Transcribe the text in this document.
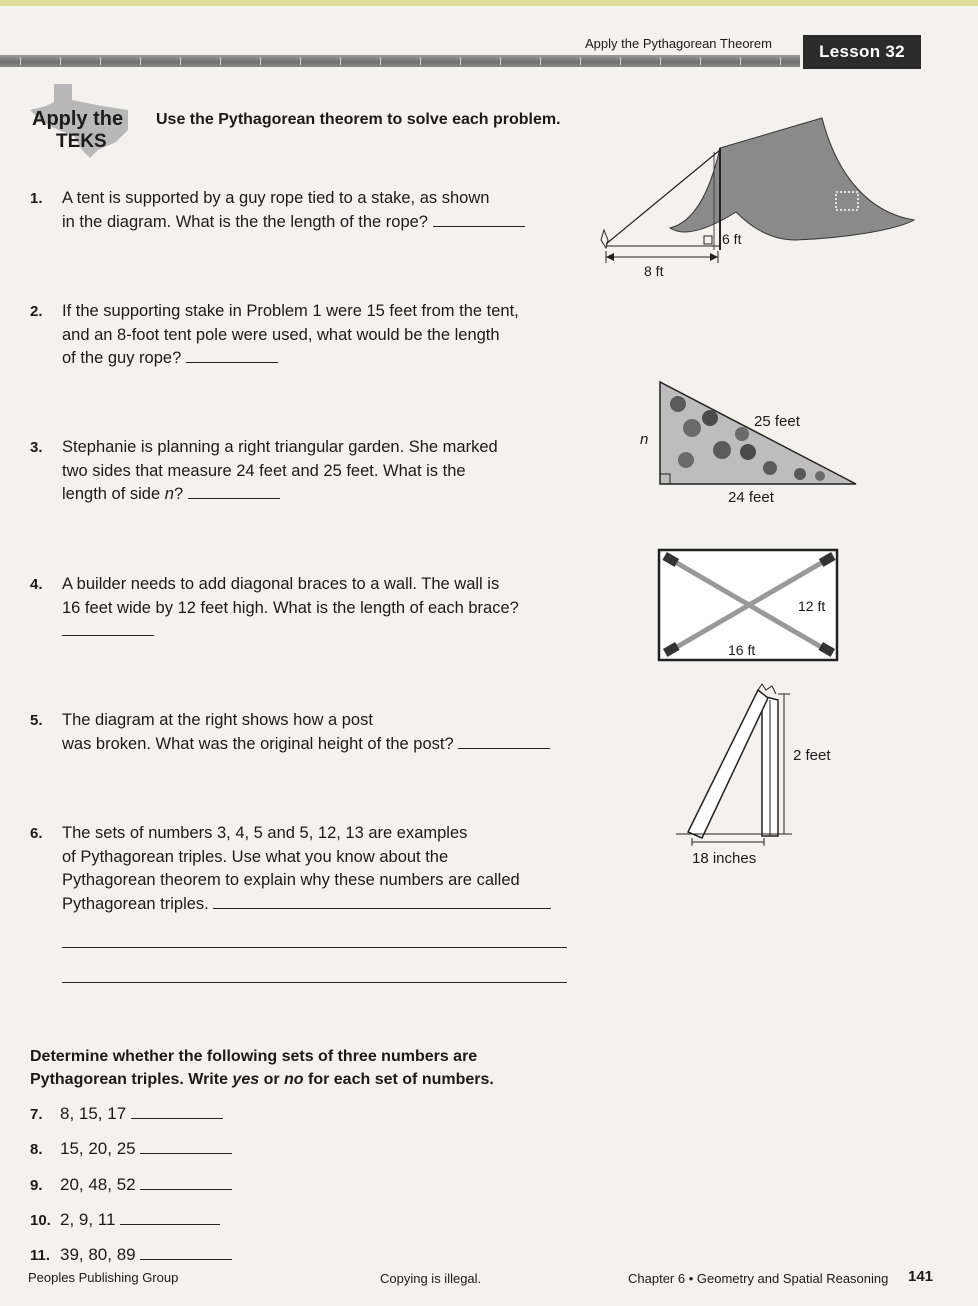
Apply the Pythagorean Theorem	Lesson 32
Apply the
TEKS
Use the Pythagorean theorem to solve each problem.
1. A tent is supported by a guy rope tied to a stake, as shown
in the diagram. What is the the length of the rope?
2. If the supporting stake in Problem 1 were 15 feet from the tent,
and an 8-foot tent pole were used, what would be the length
of the guy rope?
3. Stephanie is planning a right triangular garden. She marked
two sides that measure 24 feet and 25 feet. What is the
length of side n?
4. A builder needs to add diagonal braces to a wall. The wall is
16 feet wide by 12 feet high. What is the length of each brace?
5. The diagram at the right shows how a post
was broken. What was the original height of the post?
6. The sets of numbers 3, 4, 5 and 5, 12, 13 are examples
of Pythagorean triples. Use what you know about the
Pythagorean theorem to explain why these numbers are called
Pythagorean triples.
Determine whether the following sets of three numbers are
Pythagorean triples. Write yes or no for each set of numbers.
7. 8, 15, 17
8. 15, 20, 25
9. 20, 48, 52
10. 2, 9, 11
11. 39, 80, 89
Peoples Publishing Group	Copying is illegal.	Chapter 6 • Geometry and Spatial Reasoning 141
6 ft
8 ft
25 feet
24 feet
n
12 ft
16 ft
2 feet
18 inches
